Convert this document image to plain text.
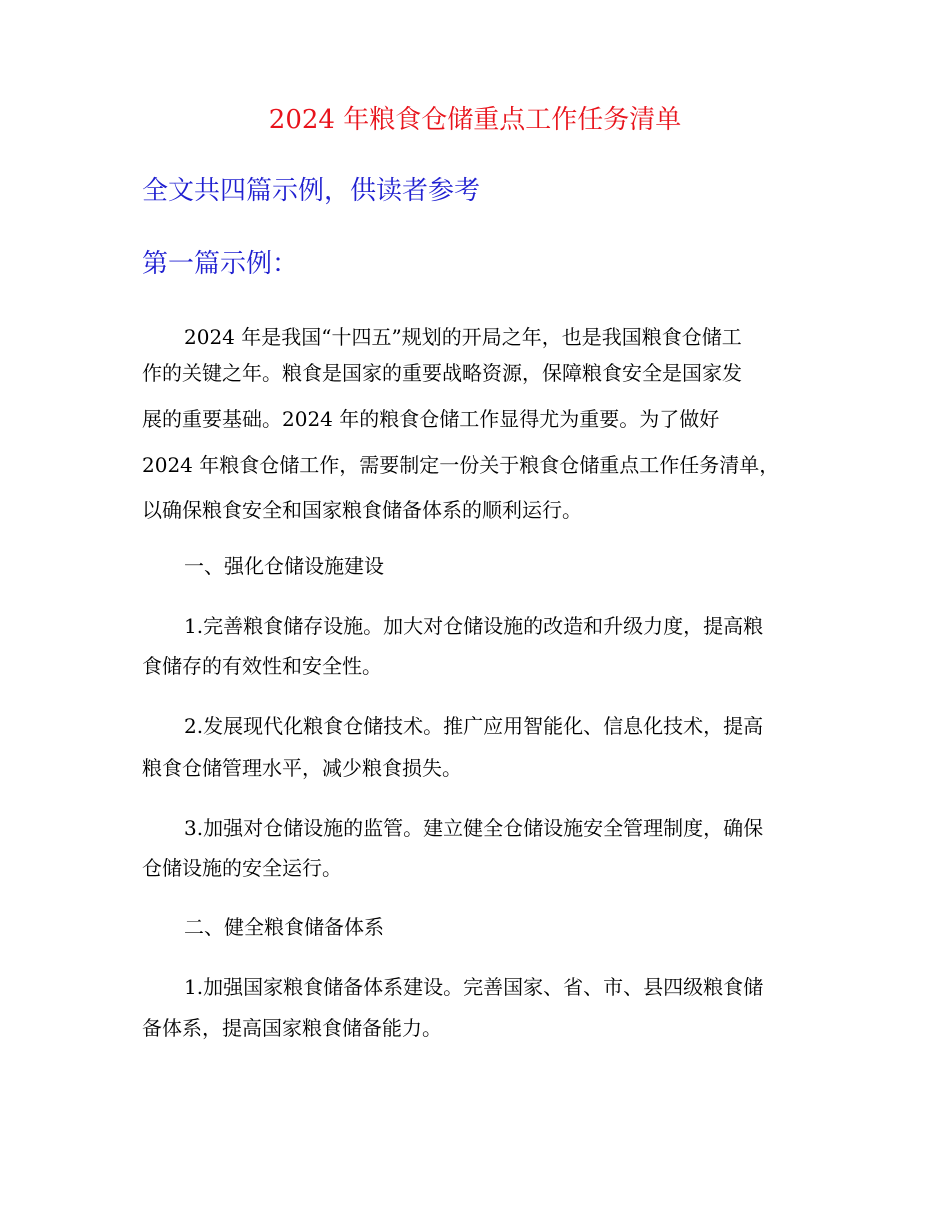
2024 年粮食仓储重点工作任务清单
全文共四篇示例，供读者参考
第一篇示例：

2024 年是我国“十四五”规划的开局之年，也是我国粮食仓储工

作的关键之年。粮食是国家的重要战略资源，保障粮食安全是国家发

展的重要基础。2024 年的粮食仓储工作显得尤为重要。为了做好

2024 年粮食仓储工作，需要制定一份关于粮食仓储重点工作任务清单，

以确保粮食安全和国家粮食储备体系的顺利运行。

一、强化仓储设施建设

1.完善粮食储存设施。加大对仓储设施的改造和升级力度，提高粮

食储存的有效性和安全性。

2.发展现代化粮食仓储技术。推广应用智能化、信息化技术，提高

粮食仓储管理水平，减少粮食损失。

3.加强对仓储设施的监管。建立健全仓储设施安全管理制度，确保

仓储设施的安全运行。

二、健全粮食储备体系

1.加强国家粮食储备体系建设。完善国家、省、市、县四级粮食储

备体系，提高国家粮食储备能力。
